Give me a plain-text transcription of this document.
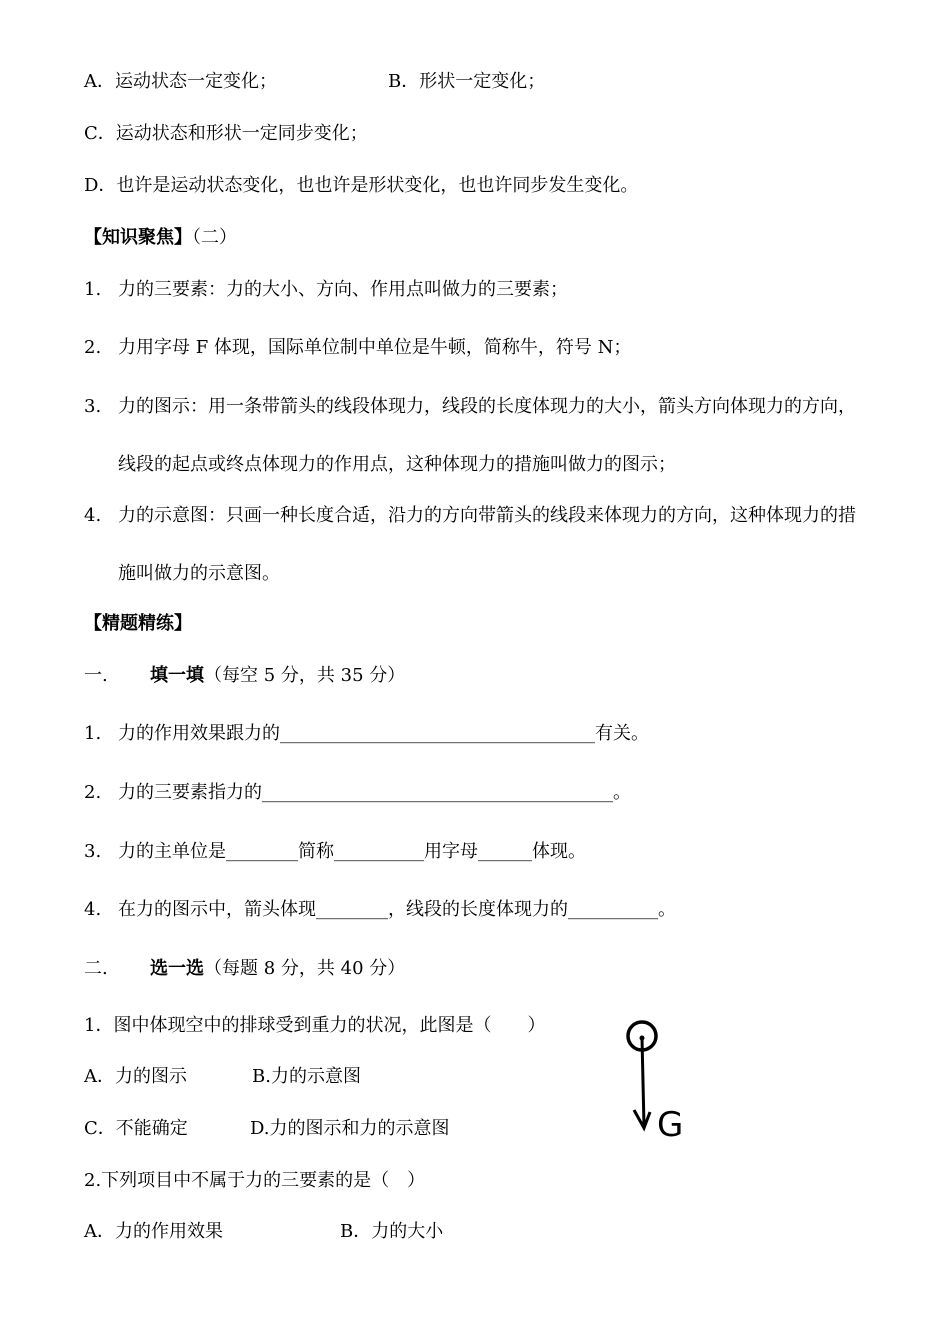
A．运动状态一定变化；	B．形状一定变化；
C．运动状态和形状一定同步变化；
D．也许是运动状态变化，也也许是形状变化，也也许同步发生变化。
【知识聚焦】（二）
1. 力的三要素：力的大小、方向、作用点叫做力的三要素；
2. 力用字母 F 体现，国际单位制中单位是牛顿，简称牛，符号 N；
3. 力的图示：用一条带箭头的线段体现力，线段的长度体现力的大小，箭头方向体现力的方向，
线段的起点或终点体现力的作用点，这种体现力的措施叫做力的图示；
4. 力的示意图：只画一种长度合适，沿力的方向带箭头的线段来体现力的方向，这种体现力的措
施叫做力的示意图。
【精题精练】
一. 填一填 （每空 5 分，共 35 分）
1. 力的作用效果跟力的___________________________________有关。
2. 力的三要素指力的_______________________________________。
3. 力的主单位是________简称__________用字母______体现。
4. 在力的图示中，箭头体现________，线段的长度体现力的__________。
二. 选一选 （每题 8 分，共 40 分）
1．图中体现空中的排球受到重力的状况，此图是（　　）
A．力的图示	B.力的示意图
C．不能确定	D.力的图示和力的示意图
2.下列项目中不属于力的三要素的是（　）
A．力的作用效果	B．力的大小
G
